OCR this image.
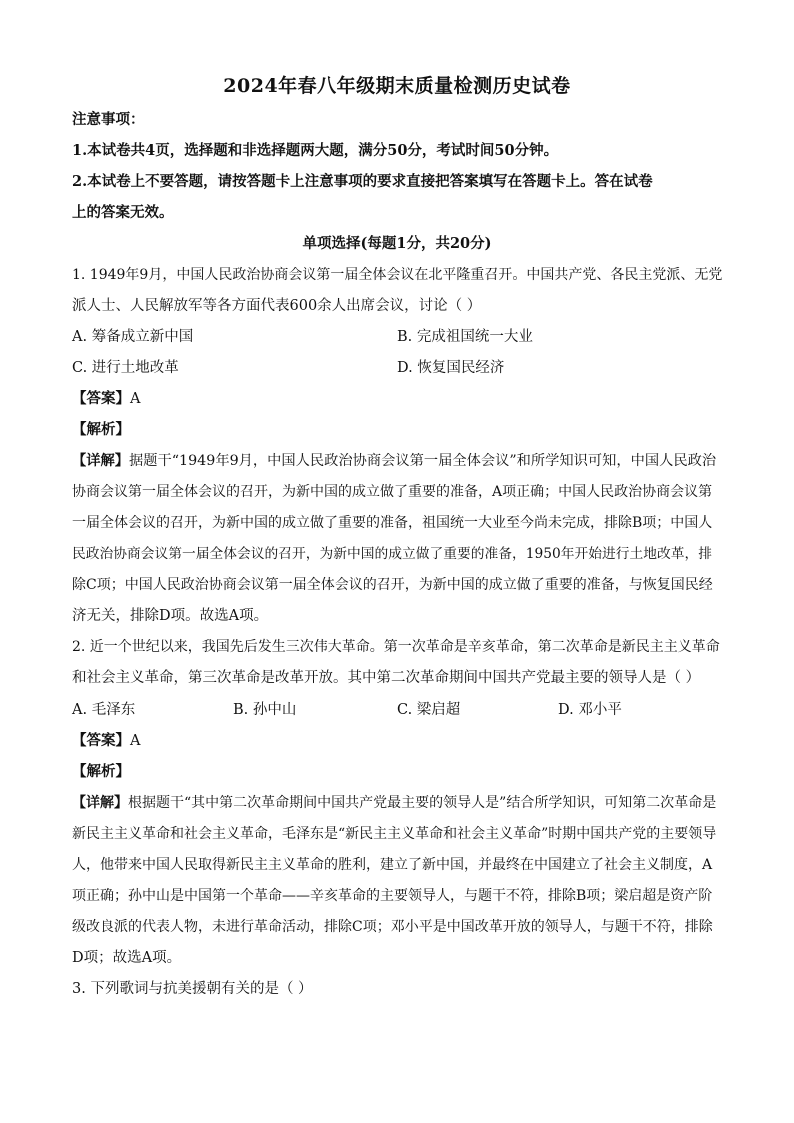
2024年春八年级期末质量检测历史试卷
注意事项：
1.本试卷共4页，选择题和非选择题两大题，满分50分，考试时间50分钟。
2.本试卷上不要答题，请按答题卡上注意事项的要求直接把答案填写在答题卡上。答在试卷
上的答案无效。
单项选择(每题1分，共20分)
1. 1949年9月，中国人民政治协商会议第一届全体会议在北平隆重召开。中国共产党、各民主党派、无党
派人士、人民解放军等各方面代表600余人出席会议，讨论（ ）
A. 筹备成立新中国	B. 完成祖国统一大业
C. 进行土地改革	D. 恢复国民经济
【答案】A
【解析】
【详解】据题干“1949年9月，中国人民政治协商会议第一届全体会议”和所学知识可知，中国人民政治
协商会议第一届全体会议的召开，为新中国的成立做了重要的准备，A项正确；中国人民政治协商会议第
一届全体会议的召开，为新中国的成立做了重要的准备，祖国统一大业至今尚未完成，排除B项；中国人
民政治协商会议第一届全体会议的召开，为新中国的成立做了重要的准备，1950年开始进行土地改革，排
除C项；中国人民政治协商会议第一届全体会议的召开，为新中国的成立做了重要的准备，与恢复国民经
济无关，排除D项。故选A项。
2. 近一个世纪以来，我国先后发生三次伟大革命。第一次革命是辛亥革命，第二次革命是新民主主义革命
和社会主义革命，第三次革命是改革开放。其中第二次革命期间中国共产党最主要的领导人是（ ）
A. 毛泽东	B. 孙中山	C. 梁启超	D. 邓小平
【答案】A
【解析】
【详解】根据题干“其中第二次革命期间中国共产党最主要的领导人是”结合所学知识，可知第二次革命是
新民主主义革命和社会主义革命，毛泽东是“新民主主义革命和社会主义革命”时期中国共产党的主要领导
人，他带来中国人民取得新民主主义革命的胜利，建立了新中国，并最终在中国建立了社会主义制度，A
项正确；孙中山是中国第一个革命——辛亥革命的主要领导人，与题干不符，排除B项；梁启超是资产阶
级改良派的代表人物，未进行革命活动，排除C项；邓小平是中国改革开放的领导人，与题干不符，排除
D项；故选A项。
3. 下列歌词与抗美援朝有关的是（ ）
